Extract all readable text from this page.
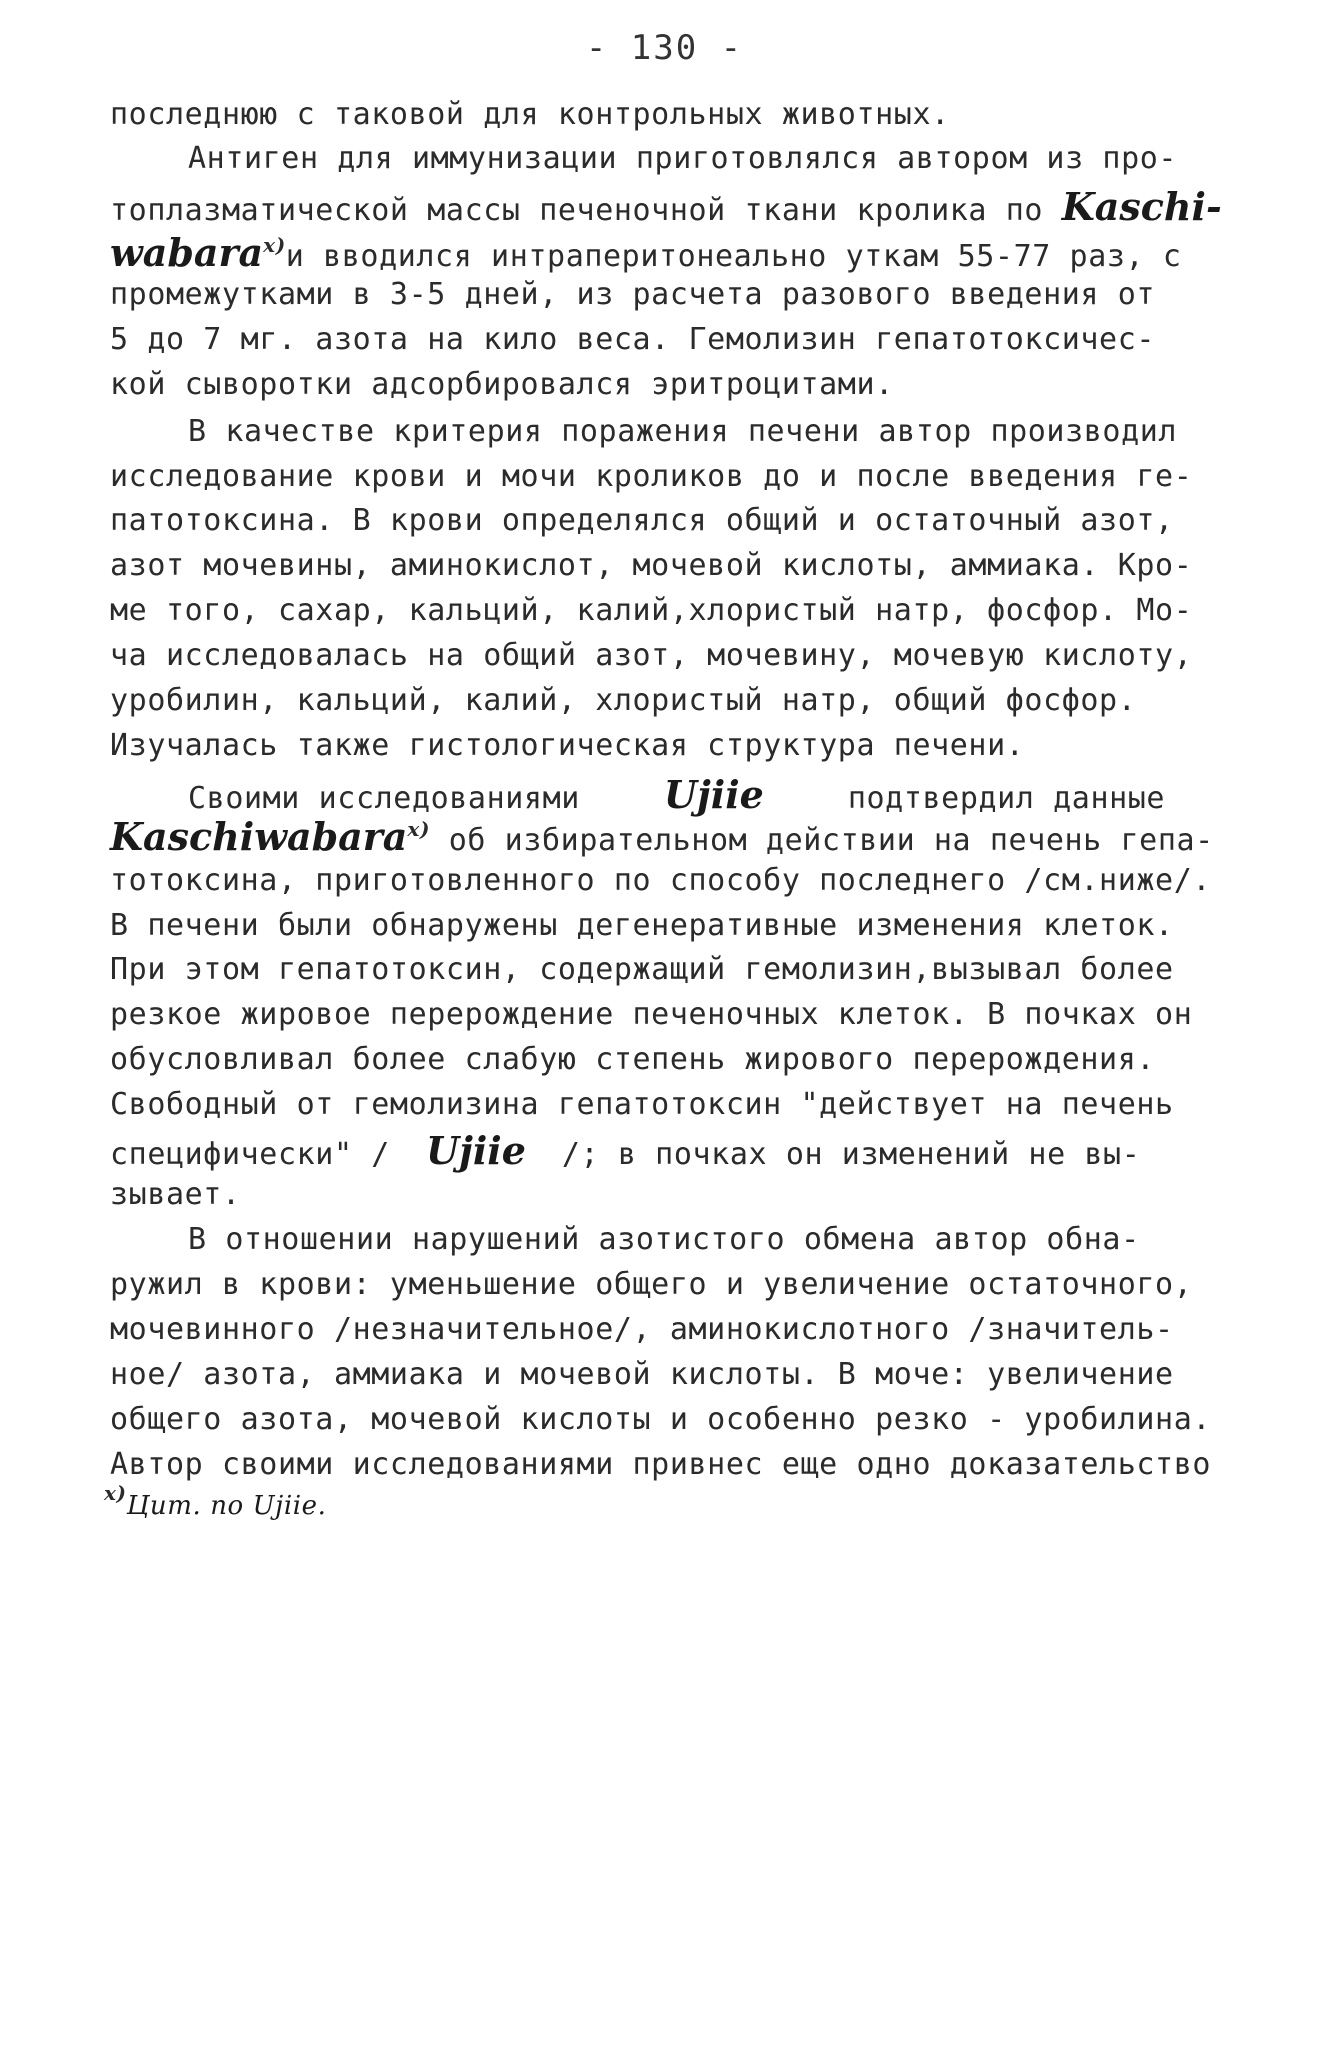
- 130 -
последнюю с таковой для контрольных животных.
Антиген для иммунизации приготовлялся автором из про-
топлазматической массы печеночной ткани кролика по Kaschi-
wabara$^{x)}$и вводился интраперитонеально уткам 55-77 раз, с
промежутками в 3-5 дней, из расчета разового введения от
5 до 7 мг. азота на кило веса. Гемолизин гепатотоксичес-
кой сыворотки адсорбировался эритроцитами.
В качестве критерия поражения печени автор производил
исследование крови и мочи кроликов до и после введения ге-
патотоксина. В крови определялся общий и остаточный азот,
азот мочевины, аминокислот, мочевой кислоты, аммиака. Кро-
ме того, сахар, кальций, калий,хлористый натр, фосфор. Мо-
ча исследовалась на общий азот, мочевину, мочевую кислоту,
уробилин, кальций, калий, хлористый натр, общий фосфор.
Изучалась также гистологическая структура печени.
Своими исследованиями Ujiie	подтвердил данные
Kaschiwabara$^{x)}$ об избирательном действии на печень гепа-
тотоксина, приготовленного по способу последнего /см.ниже/.
В печени были обнаружены дегенеративные изменения клеток.
При этом гепатотоксин, содержащий гемолизин,вызывал более
резкое жировое перерождение печеночных клеток. В почках он
обусловливал более слабую степень жирового перерождения.
Свободный от гемолизина гепатотоксин "действует на печень
специфически" / Ujiie /; в почках он изменений не вы-
зывает.
В отношении нарушений азотистого обмена автор обна-
ружил в крови: уменьшение общего и увеличение остаточного,
мочевинного /незначительное/, аминокислотного /значитель-
ное/ азота, аммиака и мочевой кислоты. В моче: увеличение
общего азота, мочевой кислоты и особенно резко - уробилина.
Автор своими исследованиями привнес еще одно доказательство
$^{x)}$Цит. по Ujiie.
